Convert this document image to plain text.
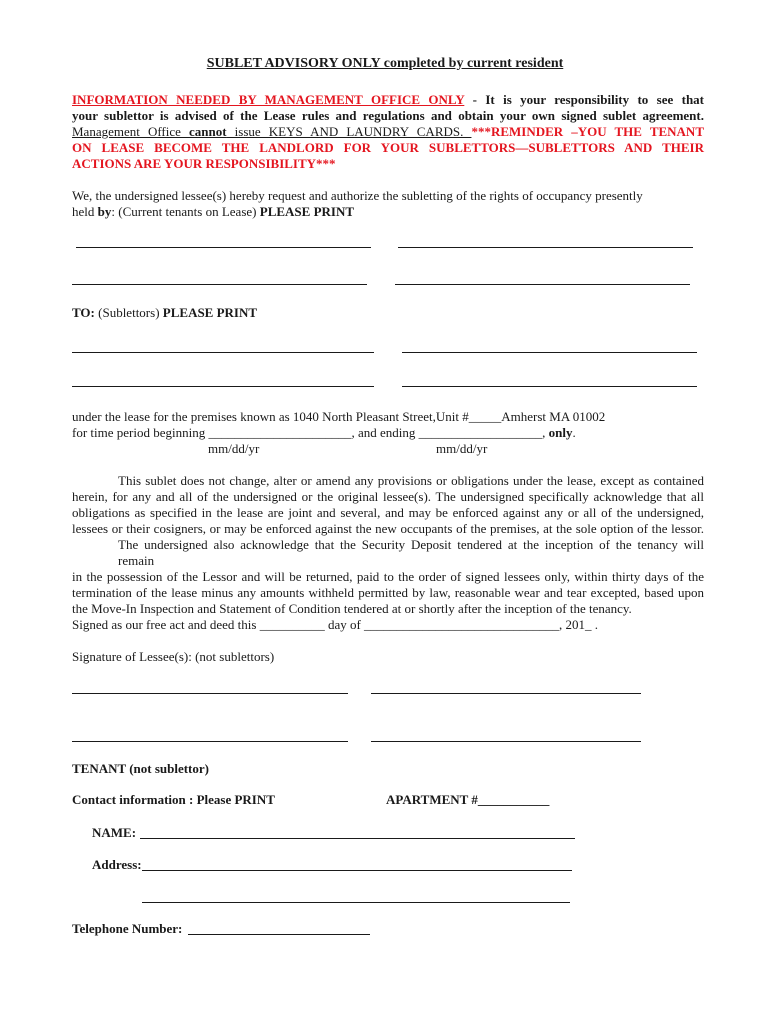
SUBLET ADVISORY ONLY completed by current resident
INFORMATION NEEDED BY MANAGEMENT OFFICE ONLY - It is your responsibility to see that
your sublettor is advised of the Lease rules and regulations and obtain your own signed sublet agreement.
Management Office cannot issue KEYS AND LAUNDRY CARDS. ***REMINDER –YOU THE TENANT
ON LEASE BECOME THE LANDLORD FOR YOUR SUBLETTORS—SUBLETTORS AND THEIR
ACTIONS ARE YOUR RESPONSIBILITY***
We, the undersigned lessee(s) hereby request and authorize the subletting of the rights of occupancy presently
held by: (Current tenants on Lease) PLEASE PRINT
TO: (Sublettors) PLEASE PRINT
under the lease for the premises known as 1040 North Pleasant Street,Unit #_____Amherst MA 01002
for time period beginning ______________________, and ending ___________________, only.
mm/dd/yr	mm/dd/yr
This sublet does not change, alter or amend any provisions or obligations under the lease, except as contained
herein, for any and all of the undersigned or the original lessee(s). The undersigned specifically acknowledge that all
obligations as specified in the lease are joint and several, and may be enforced against any or all of the undersigned,
lessees or their cosigners, or may be enforced against the new occupants of the premises, at the sole option of the lessor.
The undersigned also acknowledge that the Security Deposit tendered at the inception of the tenancy will remain
in the possession of the Lessor and will be returned, paid to the order of signed lessees only, within thirty days of the
termination of the lease minus any amounts withheld permitted by law, reasonable wear and tear excepted, based upon
the Move-In Inspection and Statement of Condition tendered at or shortly after the inception of the tenancy.
Signed as our free act and deed this __________ day of ______________________________, 201_ .
Signature of Lessee(s): (not sublettors)
TENANT (not sublettor)
Contact information : Please PRINT	APARTMENT #___________
NAME:
Address:
Telephone Number:
